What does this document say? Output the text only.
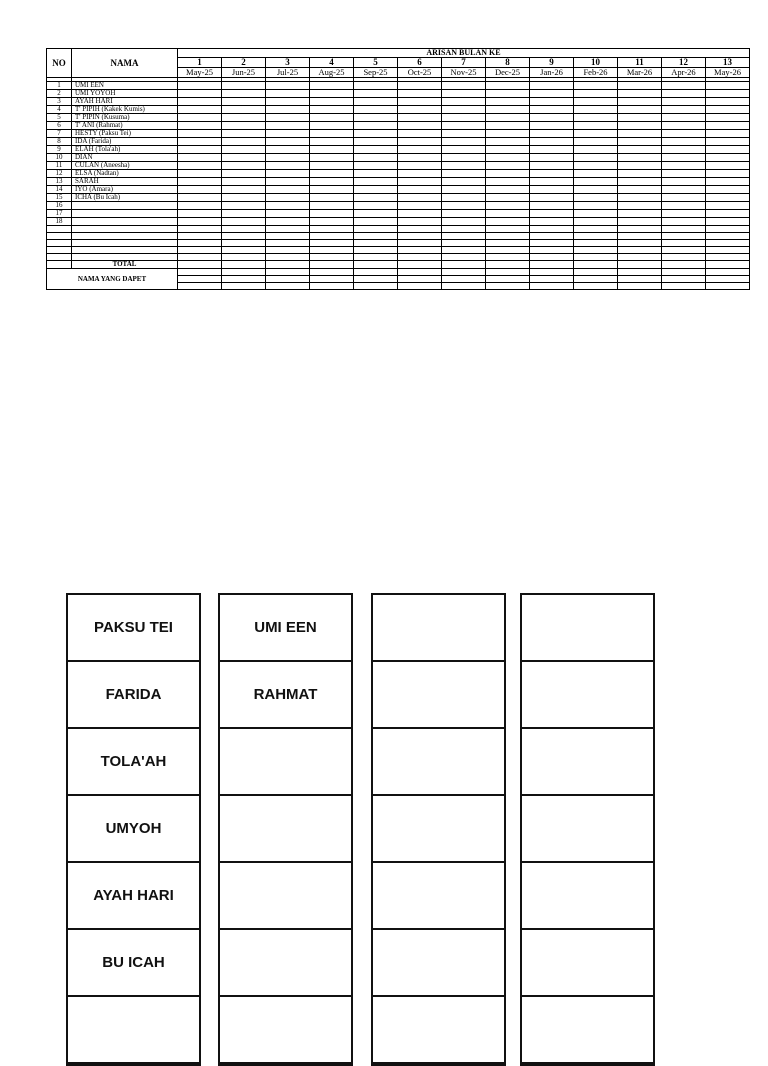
NO	NAMA	ARISAN BULAN KE												
		1	2	3	4	5	6	7	8	9	10	11	12	13
		May-25	Jun-25	Jul-25	Aug-25	Sep-25	Oct-25	Nov-25	Dec-25	Jan-26	Feb-26	Mar-26	Apr-26	May-26

1	UMI EEN													
2	UMI YOYOH													
3	AYAH HARI													
4	T' PIPIH (Kakek Kumis)													
5	T' PIPIN (Kusuma)													
6	T' ANI (Rahmat)													
7	HESTY (Paksu Tei)													
8	IDA (Farida)													
9	ELAH (Tola'ah)													
10	DIAN													
11	CULAN (Aneesha)													
12	ELSA (Nadtan)													
13	SARAH													
14	IYO (Amara)													
15	ICHA (Bu Icah)													
16														
17														
18														

	TOTAL													
NAMA YANG DAPET														

PAKSU TEI
FARIDA
TOLA'AH
UMYOH
AYAH HARI
BU ICAH
UMI EEN
RAHMAT
